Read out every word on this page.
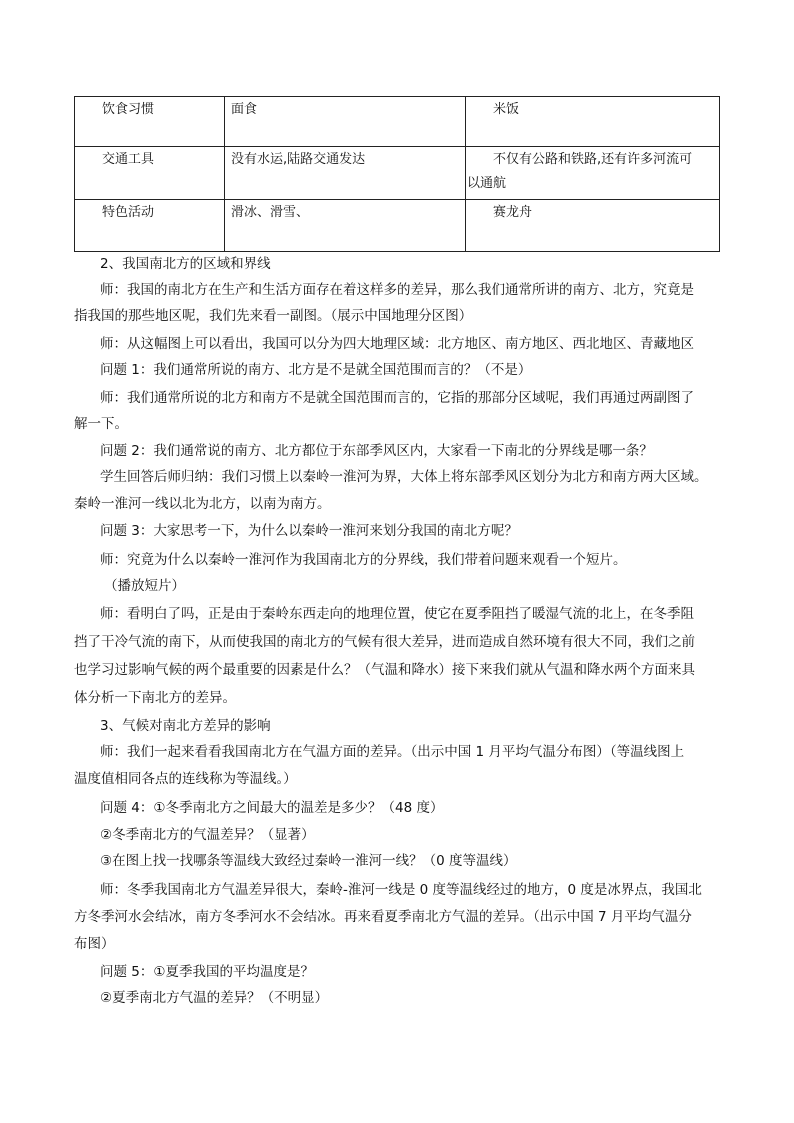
饮食习惯	面食	米饭
交通工具	没有水运,陆路交通发达	不仅有公路和铁路,还有许多河流可
以通航
特色活动	滑冰、滑雪、	赛龙舟
2、我国南北方的区域和界线
师：我国的南北方在生产和生活方面存在着这样多的差异，那么我们通常所讲的南方、北方，究竟是
指我国的那些地区呢，我们先来看一副图。（展示中国地理分区图）
师：从这幅图上可以看出，我国可以分为四大地理区域：北方地区、南方地区、西北地区、青藏地区
问题 1：我们通常所说的南方、北方是不是就全国范围而言的？（不是）
师：我们通常所说的北方和南方不是就全国范围而言的，它指的那部分区域呢，我们再通过两副图了
解一下。
问题 2：我们通常说的南方、北方都位于东部季风区内，大家看一下南北的分界线是哪一条？
学生回答后师归纳：我们习惯上以秦岭一淮河为界，大体上将东部季风区划分为北方和南方两大区域。
秦岭一淮河一线以北为北方，以南为南方。
问题 3：大家思考一下，为什么以秦岭一淮河来划分我国的南北方呢？
师：究竟为什么以秦岭一淮河作为我国南北方的分界线，我们带着问题来观看一个短片。
（播放短片）
师：看明白了吗，正是由于秦岭东西走向的地理位置，使它在夏季阻挡了暖湿气流的北上，在冬季阻
挡了干冷气流的南下，从而使我国的南北方的气候有很大差异，进而造成自然环境有很大不同，我们之前
也学习过影响气候的两个最重要的因素是什么？（气温和降水）接下来我们就从气温和降水两个方面来具
体分析一下南北方的差异。
3、气候对南北方差异的影响
师：我们一起来看看我国南北方在气温方面的差异。（出示中国 1 月平均气温分布图）（等温线图上
温度值相同各点的连线称为等温线。）
问题 4：①冬季南北方之间最大的温差是多少？（48 度）
②冬季南北方的气温差异？（显著）
③在图上找一找哪条等温线大致经过秦岭一淮河一线？（0 度等温线）
师：冬季我国南北方气温差异很大，秦岭-淮河一线是 0 度等温线经过的地方，0 度是冰界点，我国北
方冬季河水会结冰，南方冬季河水不会结冰。再来看夏季南北方气温的差异。（出示中国 7 月平均气温分
布图）
问题 5：①夏季我国的平均温度是？
②夏季南北方气温的差异？（不明显）
